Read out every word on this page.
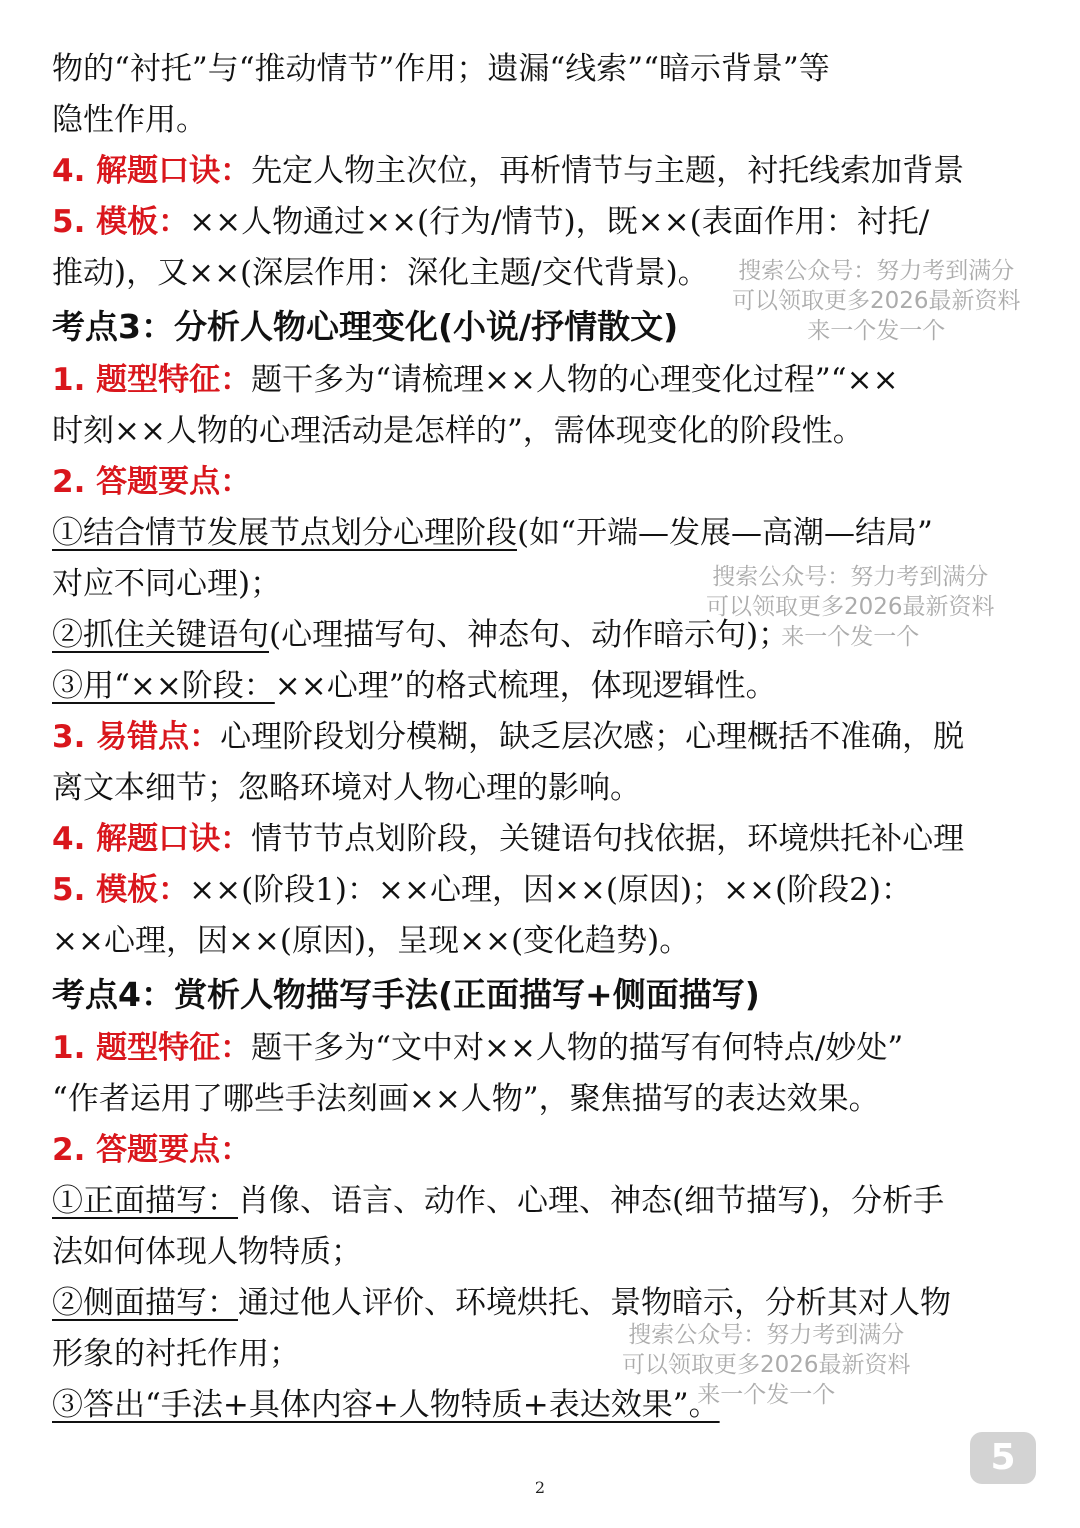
物的“衬托”与“推动情节”作用；遗漏“线索”“暗示背景”等
隐性作用。
4. 解题口诀：先定人物主次位，再析情节与主题，衬托线索加背景
5. 模板：××人物通过××(行为/情节)，既××(表面作用：衬托/
推动)，又××(深层作用：深化主题/交代背景)。
考点3：分析人物心理变化(小说/抒情散文)
1. 题型特征：题干多为“请梳理××人物的心理变化过程”“××
时刻××人物的心理活动是怎样的”，需体现变化的阶段性。
2. 答题要点：
①结合情节发展节点划分心理阶段(如“开端—发展—高潮—结局”
对应不同心理)；
②抓住关键语句(心理描写句、神态句、动作暗示句)；
③用“××阶段：××心理”的格式梳理，体现逻辑性。
3. 易错点：心理阶段划分模糊，缺乏层次感；心理概括不准确，脱
离文本细节；忽略环境对人物心理的影响。
4. 解题口诀：情节节点划阶段，关键语句找依据，环境烘托补心理
5. 模板：××(阶段1)：××心理，因××(原因)；××(阶段2)：
××心理，因××(原因)，呈现××(变化趋势)。
考点4：赏析人物描写手法(正面描写+侧面描写)
1. 题型特征：题干多为“文中对××人物的描写有何特点/妙处”
“作者运用了哪些手法刻画××人物”，聚焦描写的表达效果。
2. 答题要点：
①正面描写：肖像、语言、动作、心理、神态(细节描写)，分析手
法如何体现人物特质；
②侧面描写：通过他人评价、环境烘托、景物暗示，分析其对人物
形象的衬托作用；
③答出“手法+具体内容+人物特质+表达效果”。
搜索公众号：努力考到满分
可以领取更多2026最新资料
来一个发一个
搜索公众号：努力考到满分
可以领取更多2026最新资料
来一个发一个
搜索公众号：努力考到满分
可以领取更多2026最新资料
来一个发一个
5
2
